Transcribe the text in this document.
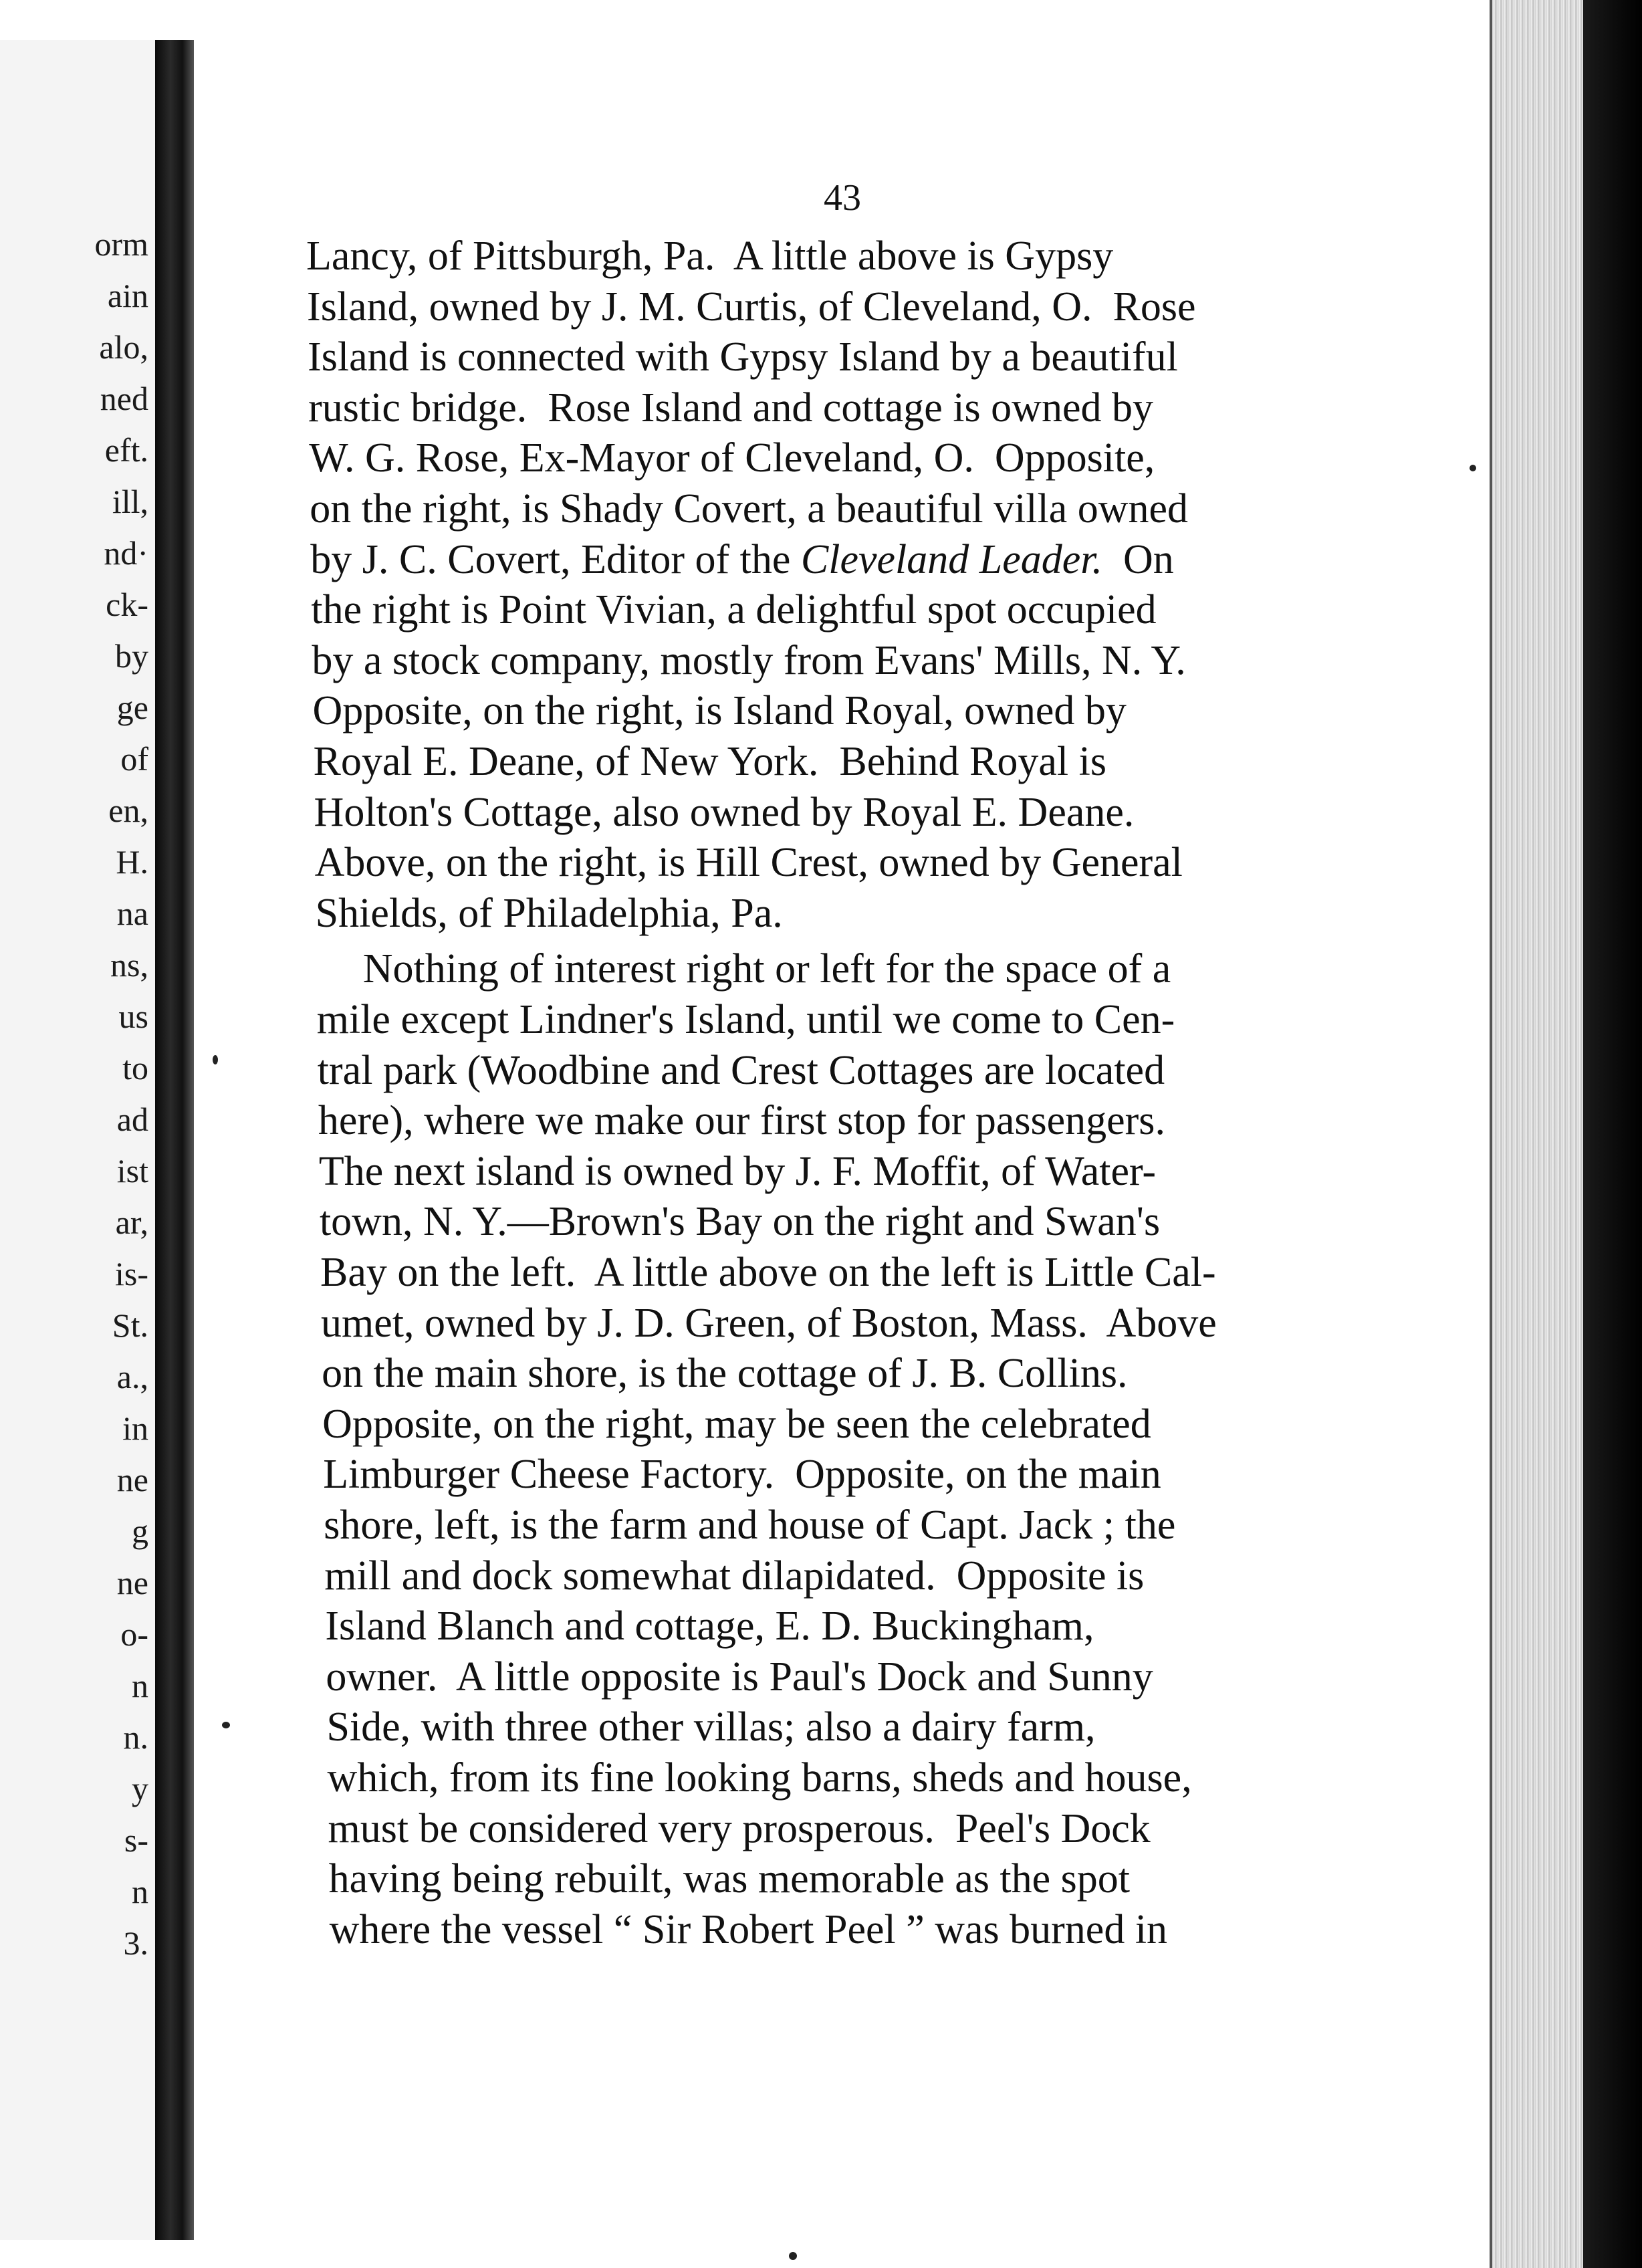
orm
ain
alo,
ned
eft.
ill,
nd·
ck-
by
ge
of
en,
H.
na
ns,
us
to
ad
ist
ar,
is-
St.
a.,
in
ne
g
ne
o-
n
n.
y
s-
n
3.
43
Lancy, of Pittsburgh, Pa.  A little above is Gypsy
Island, owned by J. M. Curtis, of Cleveland, O.  Rose
Island is connected with Gypsy Island by a beautiful
rustic bridge.  Rose Island and cottage is owned by
W. G. Rose, Ex-Mayor of Cleveland, O.  Opposite,
on the right, is Shady Covert, a beautiful villa owned
by J. C. Covert, Editor of the Cleveland Leader.  On
the right is Point Vivian, a delightful spot occupied
by a stock company, mostly from Evans' Mills, N. Y.
Opposite, on the right, is Island Royal, owned by
Royal E. Deane, of New York.  Behind Royal is
Holton's Cottage, also owned by Royal E. Deane.
Above, on the right, is Hill Crest, owned by General
Shields, of Philadelphia, Pa.
Nothing of interest right or left for the space of a
mile except Lindner's Island, until we come to Cen-
tral park (Woodbine and Crest Cottages are located
here), where we make our first stop for passengers.
The next island is owned by J. F. Moffit, of Water-
town, N. Y.—Brown's Bay on the right and Swan's
Bay on the left.  A little above on the left is Little Cal-
umet, owned by J. D. Green, of Boston, Mass.  Above
on the main shore, is the cottage of J. B. Collins.
Opposite, on the right, may be seen the celebrated
Limburger Cheese Factory.  Opposite, on the main
shore, left, is the farm and house of Capt. Jack ; the
mill and dock somewhat dilapidated.  Opposite is
Island Blanch and cottage, E. D. Buckingham,
owner.  A little opposite is Paul's Dock and Sunny
Side, with three other villas; also a dairy farm,
which, from its fine looking barns, sheds and house,
must be considered very prosperous.  Peel's Dock
having being rebuilt, was memorable as the spot
where the vessel “ Sir Robert Peel ” was burned in
